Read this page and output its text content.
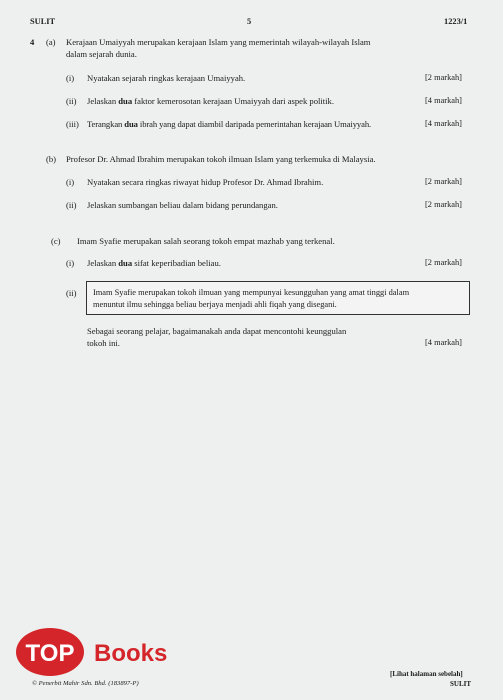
SULIT	5	1223/1
4 (a) Kerajaan Umaiyyah merupakan kerajaan Islam yang memerintah wilayah-wilayah Islam
dalam sejarah dunia.
(i) Nyatakan sejarah ringkas kerajaan Umaiyyah.	[2 markah]
(ii) Jelaskan dua faktor kemerosotan kerajaan Umaiyyah dari aspek politik.	[4 markah]
(iii) Terangkan dua ibrah yang dapat diambil daripada pemerintahan kerajaan Umaiyyah.	[4 markah]
(b) Profesor Dr. Ahmad Ibrahim merupakan tokoh ilmuan Islam yang terkemuka di Malaysia.
(i) Nyatakan secara ringkas riwayat hidup Profesor Dr. Ahmad Ibrahim.	[2 markah]
(ii) Jelaskan sumbangan beliau dalam bidang perundangan.	[2 markah]
(c) Imam Syafie merupakan salah seorang tokoh empat mazhab yang terkenal.
(i) Jelaskan dua sifat keperibadian beliau.	[2 markah]
(ii) Imam Syafie merupakan tokoh ilmuan yang mempunyai kesungguhan yang amat tinggi dalam
menuntut ilmu sehingga beliau berjaya menjadi ahli fiqah yang disegani.
Sebagai seorang pelajar, bagaimanakah anda dapat mencontohi keunggulan
tokoh ini.	[4 markah]
TOP Books
© Penerbit Mahir Sdn. Bhd. (183897-P)
[Lihat halaman sebelah]
SULIT
